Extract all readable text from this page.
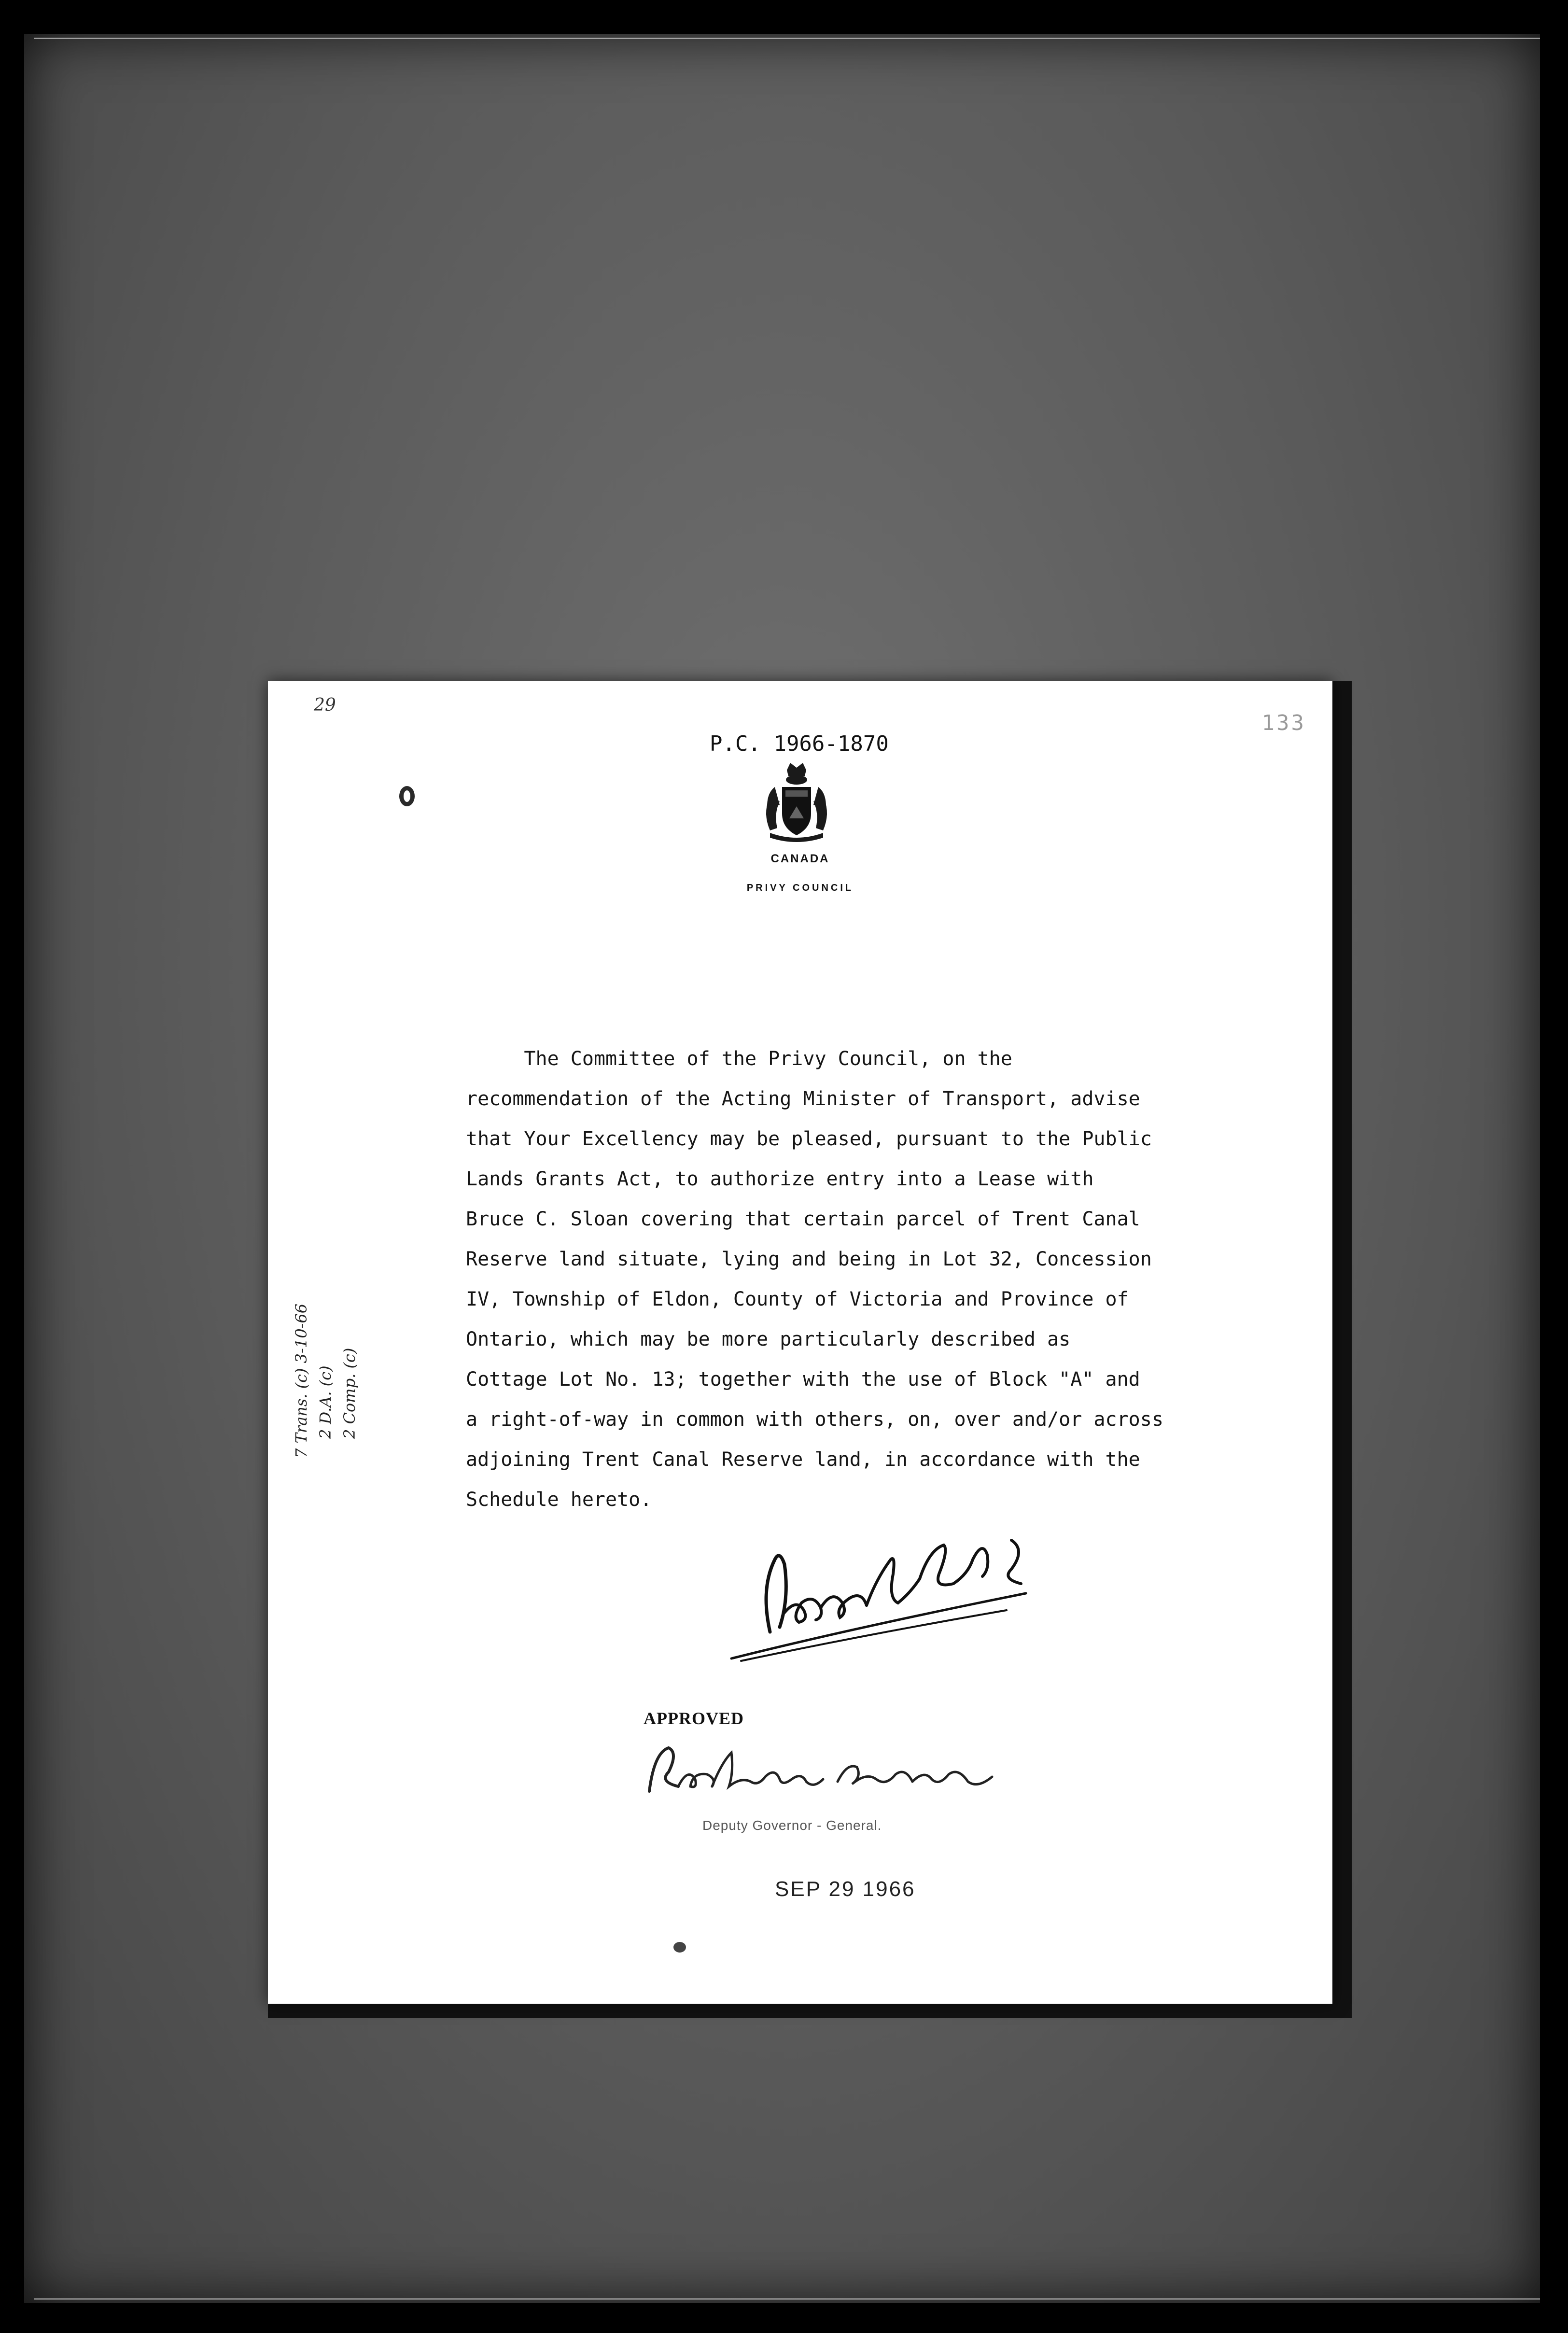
29
133
P.C. 1966-1870
CANADA
PRIVY COUNCIL
7 Trans. (c) 3-10-66 2 D.A. (c) 2 Comp. (c)
The Committee of the Privy Council, on the
recommendation of the Acting Minister of Transport, advise
that Your Excellency may be pleased, pursuant to the Public
Lands Grants Act, to authorize entry into a Lease with
Bruce C. Sloan covering that certain parcel of Trent Canal
Reserve land situate, lying and being in Lot 32, Concession
IV, Township of Eldon, County of Victoria and Province of
Ontario, which may be more particularly described as
Cottage Lot No. 13; together with the use of Block "A" and
a right-of-way in common with others, on, over and/or across
adjoining Trent Canal Reserve land, in accordance with the
Schedule hereto.
APPROVED
Deputy Governor - General.
SEP 29 1966
